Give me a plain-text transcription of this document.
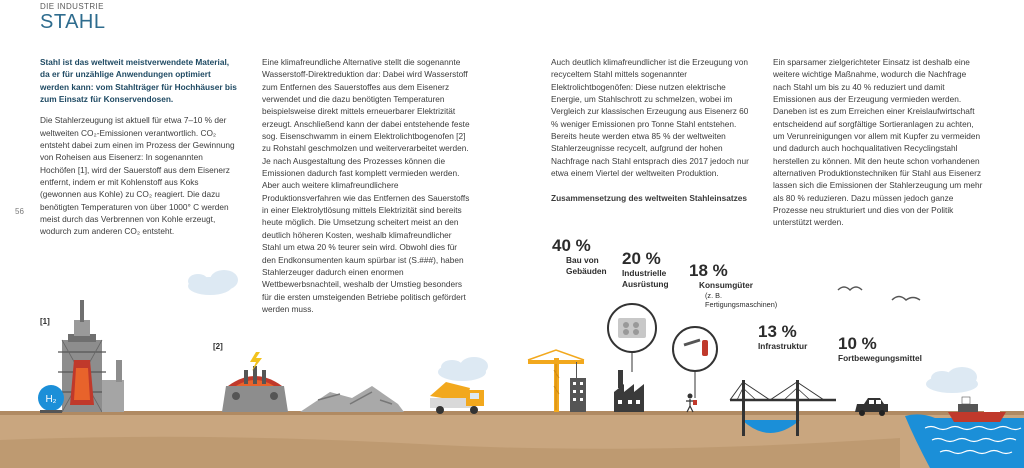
DIE INDUSTRIE
STAHL
56

Stahl ist das weltweit meistverwendete Material, da er für unzählige Anwendungen optimiert werden kann: vom Stahlträger für Hochhäuser bis zum Einsatz für Konservendosen.

Die Stahlerzeugung ist aktuell für etwa 7–10 % der weltweiten CO₂-Emissionen verantwortlich. CO₂ entsteht dabei zum einen im Prozess der Gewinnung von Roheisen aus Eisenerz: In sogenannten Hochöfen [1], wird der Sauerstoff aus dem Eisenerz entfernt, indem er mit Kohlenstoff aus Koks (gewonnen aus Kohle) zu CO₂ reagiert. Die dazu benötigten Temperaturen von über 1000° C werden meist durch das Verbrennen von Kohle erzeugt, wodurch zum anderen CO₂ entsteht.

Eine klimafreundliche Alternative stellt die sogenannte Wasserstoff-Direktreduktion dar: Dabei wird Wasserstoff zum Entfernen des Sauerstoffes aus dem Eisenerz verwendet und die dazu benötigten Temperaturen beispielsweise direkt mittels erneuerbarer Elektrizität erzeugt. Anschließend kann der dabei entstehende feste sog. Eisenschwamm in einem Elektrolichtbogenofen [2] zu Rohstahl geschmolzen und weiterverarbeitet werden. Je nach Ausgestaltung des Prozesses können die Emissionen dadurch fast komplett vermieden werden. Aber auch weitere klimafreundlichere Produktionsverfahren wie das Entfernen des Sauerstoffs in einer Elektrolytlösung mittels Elektrizität sind bereits heute möglich. Die Umsetzung scheitert meist an den deutlich höheren Kosten, weshalb klimafreundlicher Stahl um etwa 20 % teurer sein wird. Obwohl dies für den Endkonsumenten kaum spürbar ist (S.###), haben Stahlerzeuger dadurch einen enormen Wettbewerbsnachteil, weshalb der Umstieg besonders für die ersten umsteigenden Betriebe politisch gefördert werden muss.

Auch deutlich klimafreundlicher ist die Erzeugung von recyceltem Stahl mittels sogenannter Elektrolichtbogenöfen: Diese nutzen elektrische Energie, um Stahlschrott zu schmelzen, wobei im Vergleich zur klassischen Erzeugung aus Eisenerz 60 % weniger Emissionen pro Tonne Stahl entstehen. Bereits heute werden etwa 85 % der weltweiten Stahlerzeugnisse recycelt, aufgrund der hohen Nachfrage nach Stahl entsprach dies 2017 jedoch nur etwa einem Viertel der weltweiten Produktion.

Ein sparsamer zielgerichteter Einsatz ist deshalb eine weitere wichtige Maßnahme, wodurch die Nachfrage nach Stahl um bis zu 40 % reduziert und damit Emissionen aus der Erzeugung vermieden werden. Daneben ist es zum Erreichen einer Kreislaufwirtschaft entscheidend auf sorgfältige Sortieranlagen zu achten, um Verunreinigungen vor allem mit Kupfer zu vermeiden und dadurch auch hochqualitativen Recyclingstahl herstellen zu können. Mit den heute schon vorhandenen alternativen Produktionstechniken für Stahl aus Eisenerz lassen sich die Emissionen der Stahlerzeugung um mehr als 80 % reduzieren. Dazu müssen jedoch ganze Prozesse neu strukturiert und dies von der Politik unterstützt werden.

Zusammensetzung des weltweiten Stahleinsatzes
H₂
[1]
[2]
40 %
Bau von Gebäuden
20 %
Industrielle Ausrüstung
18 %
Konsumgüter
(z. B. Fertigungsmaschinen)
13 %
Infrastruktur 10 %
Fortbewegungsmittel
